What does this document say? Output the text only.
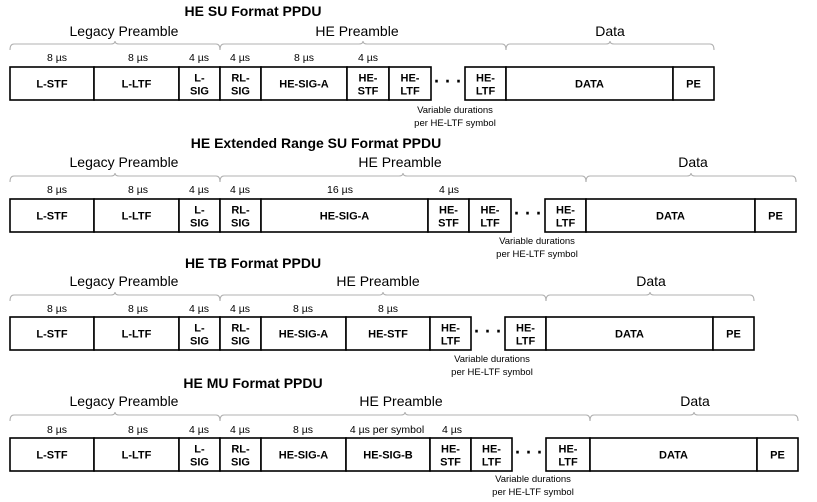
HE SU Format PPDU
Legacy Preamble	HE Preamble	Data
8 µs	8 µs	4 µs 4 µs	8 µs	4 µs
L-STF	L-LTF	L-SIG
RL-SIG
HE-SIG-A	HE-STF
HE-LTF · · · HE-LTF
DATA	PE
Variable durations per HE-LTF symbol
HE Extended Range SU Format PPDU
Legacy Preamble	HE Preamble	Data
8 µs	8 µs	4 µs 4 µs	16 µs	4 µs
L-STF	L-LTF	L-SIG
RL-SIG
HE-SIG-A	HE-STF
HE-LTF · · · HE-LTF
DATA	PE
Variable durations per HE-LTF symbol
HE TB Format PPDU
Legacy Preamble	HE Preamble	Data
8 µs	8 µs	4 µs 4 µs	8 µs	8 µs
L-STF	L-LTF	L-SIG
RL-SIG
HE-SIG-A	HE-STF	HE-LTF · · · HE-LTF
DATA	PE
Variable durations per HE-LTF symbol
HE MU Format PPDU
Legacy Preamble	HE Preamble	Data
8 µs	8 µs	4 µs 4 µs	8 µs	4 µs per symbol 4 µs
L-STF	L-LTF	L-SIG
RL-SIG
HE-SIG-A	HE-SIG-B	HE-STF
HE-LTF · · · HE-LTF
DATA	PE
Variable durations per HE-LTF symbol
